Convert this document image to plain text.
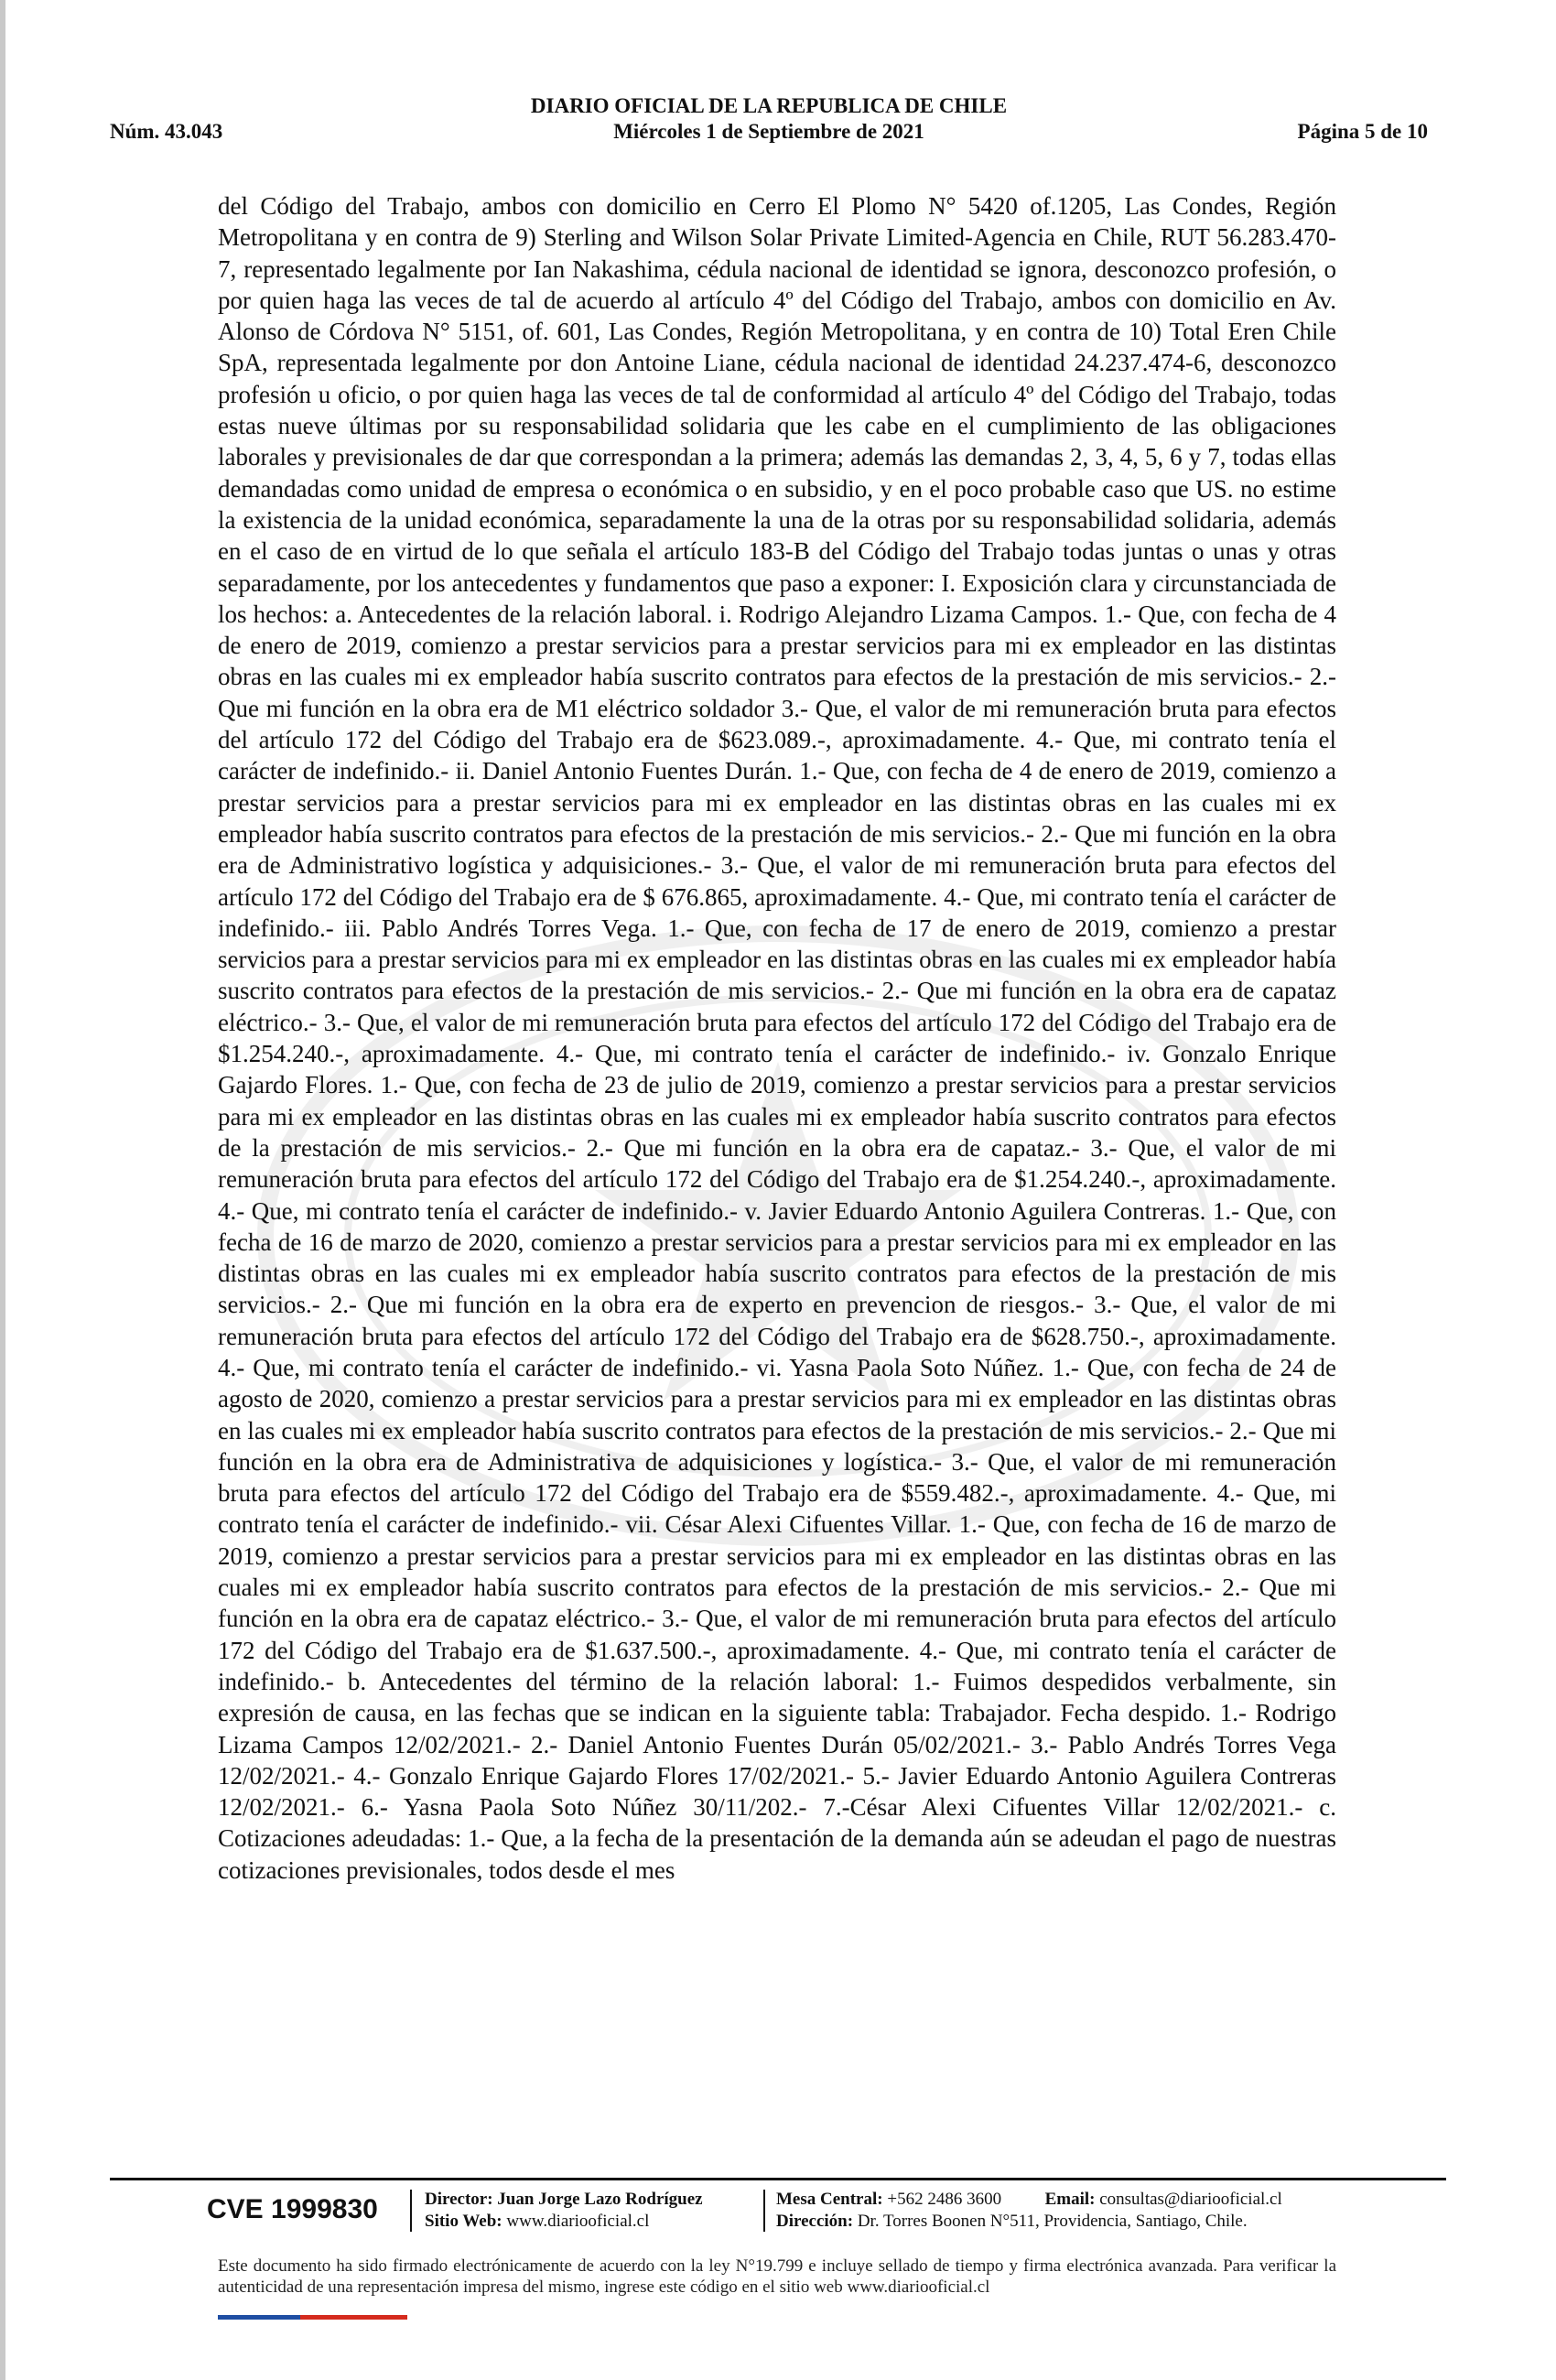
DIARIO OFICIAL DE LA REPUBLICA DE CHILE
Miércoles 1 de Septiembre de 2021
Núm. 43.043	Página 5 de 10
del Código del Trabajo, ambos con domicilio en Cerro El Plomo N° 5420 of.1205, Las Condes, Región Metropolitana y en contra de 9) Sterling and Wilson Solar Private Limited-Agencia en Chile, RUT 56.283.470-7, representado legalmente por Ian Nakashima, cédula nacional de identidad se ignora, desconozco profesión, o por quien haga las veces de tal de acuerdo al artículo 4º del Código del Trabajo, ambos con domicilio en Av. Alonso de Córdova N° 5151, of. 601, Las Condes, Región Metropolitana, y en contra de 10) Total Eren Chile SpA, representada legalmente por don Antoine Liane, cédula nacional de identidad 24.237.474-6, desconozco profesión u oficio, o por quien haga las veces de tal de conformidad al artículo 4º del Código del Trabajo, todas estas nueve últimas por su responsabilidad solidaria que les cabe en el cumplimiento de las obligaciones laborales y previsionales de dar que correspondan a la primera; además las demandas 2, 3, 4, 5, 6 y 7, todas ellas demandadas como unidad de empresa o económica o en subsidio, y en el poco probable caso que US. no estime la existencia de la unidad económica, separadamente la una de la otras por su responsabilidad solidaria, además en el caso de en virtud de lo que señala el artículo 183-B del Código del Trabajo todas juntas o unas y otras separadamente, por los antecedentes y fundamentos que paso a exponer: I. Exposición clara y circunstanciada de los hechos: a. Antecedentes de la relación laboral. i. Rodrigo Alejandro Lizama Campos. 1.- Que, con fecha de 4 de enero de 2019, comienzo a prestar servicios para a prestar servicios para mi ex empleador en las distintas obras en las cuales mi ex empleador había suscrito contratos para efectos de la prestación de mis servicios.- 2.- Que mi función en la obra era de M1 eléctrico soldador 3.- Que, el valor de mi remuneración bruta para efectos del artículo 172 del Código del Trabajo era de $623.089.-, aproximadamente. 4.- Que, mi contrato tenía el carácter de indefinido.- ii. Daniel Antonio Fuentes Durán. 1.- Que, con fecha de 4 de enero de 2019, comienzo a prestar servicios para a prestar servicios para mi ex empleador en las distintas obras en las cuales mi ex empleador había suscrito contratos para efectos de la prestación de mis servicios.- 2.- Que mi función en la obra era de Administrativo logística y adquisiciones.- 3.- Que, el valor de mi remuneración bruta para efectos del artículo 172 del Código del Trabajo era de $ 676.865, aproximadamente. 4.- Que, mi contrato tenía el carácter de indefinido.- iii. Pablo Andrés Torres Vega. 1.- Que, con fecha de 17 de enero de 2019, comienzo a prestar servicios para a prestar servicios para mi ex empleador en las distintas obras en las cuales mi ex empleador había suscrito contratos para efectos de la prestación de mis servicios.- 2.- Que mi función en la obra era de capataz eléctrico.- 3.- Que, el valor de mi remuneración bruta para efectos del artículo 172 del Código del Trabajo era de $1.254.240.-, aproximadamente. 4.- Que, mi contrato tenía el carácter de indefinido.- iv. Gonzalo Enrique Gajardo Flores. 1.- Que, con fecha de 23 de julio de 2019, comienzo a prestar servicios para a prestar servicios para mi ex empleador en las distintas obras en las cuales mi ex empleador había suscrito contratos para efectos de la prestación de mis servicios.- 2.- Que mi función en la obra era de capataz.- 3.- Que, el valor de mi remuneración bruta para efectos del artículo 172 del Código del Trabajo era de $1.254.240.-, aproximadamente. 4.- Que, mi contrato tenía el carácter de indefinido.- v. Javier Eduardo Antonio Aguilera Contreras. 1.- Que, con fecha de 16 de marzo de 2020, comienzo a prestar servicios para a prestar servicios para mi ex empleador en las distintas obras en las cuales mi ex empleador había suscrito contratos para efectos de la prestación de mis servicios.- 2.- Que mi función en la obra era de experto en prevencion de riesgos.- 3.- Que, el valor de mi remuneración bruta para efectos del artículo 172 del Código del Trabajo era de $628.750.-, aproximadamente. 4.- Que, mi contrato tenía el carácter de indefinido.- vi. Yasna Paola Soto Núñez. 1.- Que, con fecha de 24 de agosto de 2020, comienzo a prestar servicios para a prestar servicios para mi ex empleador en las distintas obras en las cuales mi ex empleador había suscrito contratos para efectos de la prestación de mis servicios.- 2.- Que mi función en la obra era de Administrativa de adquisiciones y logística.- 3.- Que, el valor de mi remuneración bruta para efectos del artículo 172 del Código del Trabajo era de $559.482.-, aproximadamente. 4.- Que, mi contrato tenía el carácter de indefinido.- vii. César Alexi Cifuentes Villar. 1.- Que, con fecha de 16 de marzo de 2019, comienzo a prestar servicios para a prestar servicios para mi ex empleador en las distintas obras en las cuales mi ex empleador había suscrito contratos para efectos de la prestación de mis servicios.- 2.- Que mi función en la obra era de capataz eléctrico.- 3.- Que, el valor de mi remuneración bruta para efectos del artículo 172 del Código del Trabajo era de $1.637.500.-, aproximadamente. 4.- Que, mi contrato tenía el carácter de indefinido.- b. Antecedentes del término de la relación laboral: 1.- Fuimos despedidos verbalmente, sin expresión de causa, en las fechas que se indican en la siguiente tabla: Trabajador. Fecha despido. 1.- Rodrigo Lizama Campos 12/02/2021.- 2.- Daniel Antonio Fuentes Durán 05/02/2021.- 3.- Pablo Andrés Torres Vega 12/02/2021.- 4.- Gonzalo Enrique Gajardo Flores 17/02/2021.- 5.- Javier Eduardo Antonio Aguilera Contreras 12/02/2021.- 6.- Yasna Paola Soto Núñez 30/11/202.- 7.-César Alexi Cifuentes Villar 12/02/2021.- c. Cotizaciones adeudadas: 1.- Que, a la fecha de la presentación de la demanda aún se adeudan el pago de nuestras cotizaciones previsionales, todos desde el mes
CVE 1999830	Director: Juan Jorge Lazo Rodríguez
Sitio Web: www.diariooficial.cl
Mesa Central: +562 2486 3600	Email: consultas@diariooficial.cl
Dirección: Dr. Torres Boonen N°511, Providencia, Santiago, Chile.
Este documento ha sido firmado electrónicamente de acuerdo con la ley N°19.799 e incluye sellado de tiempo y firma electrónica avanzada. Para verificar la autenticidad de una representación impresa del mismo, ingrese este código en el sitio web www.diariooficial.cl
